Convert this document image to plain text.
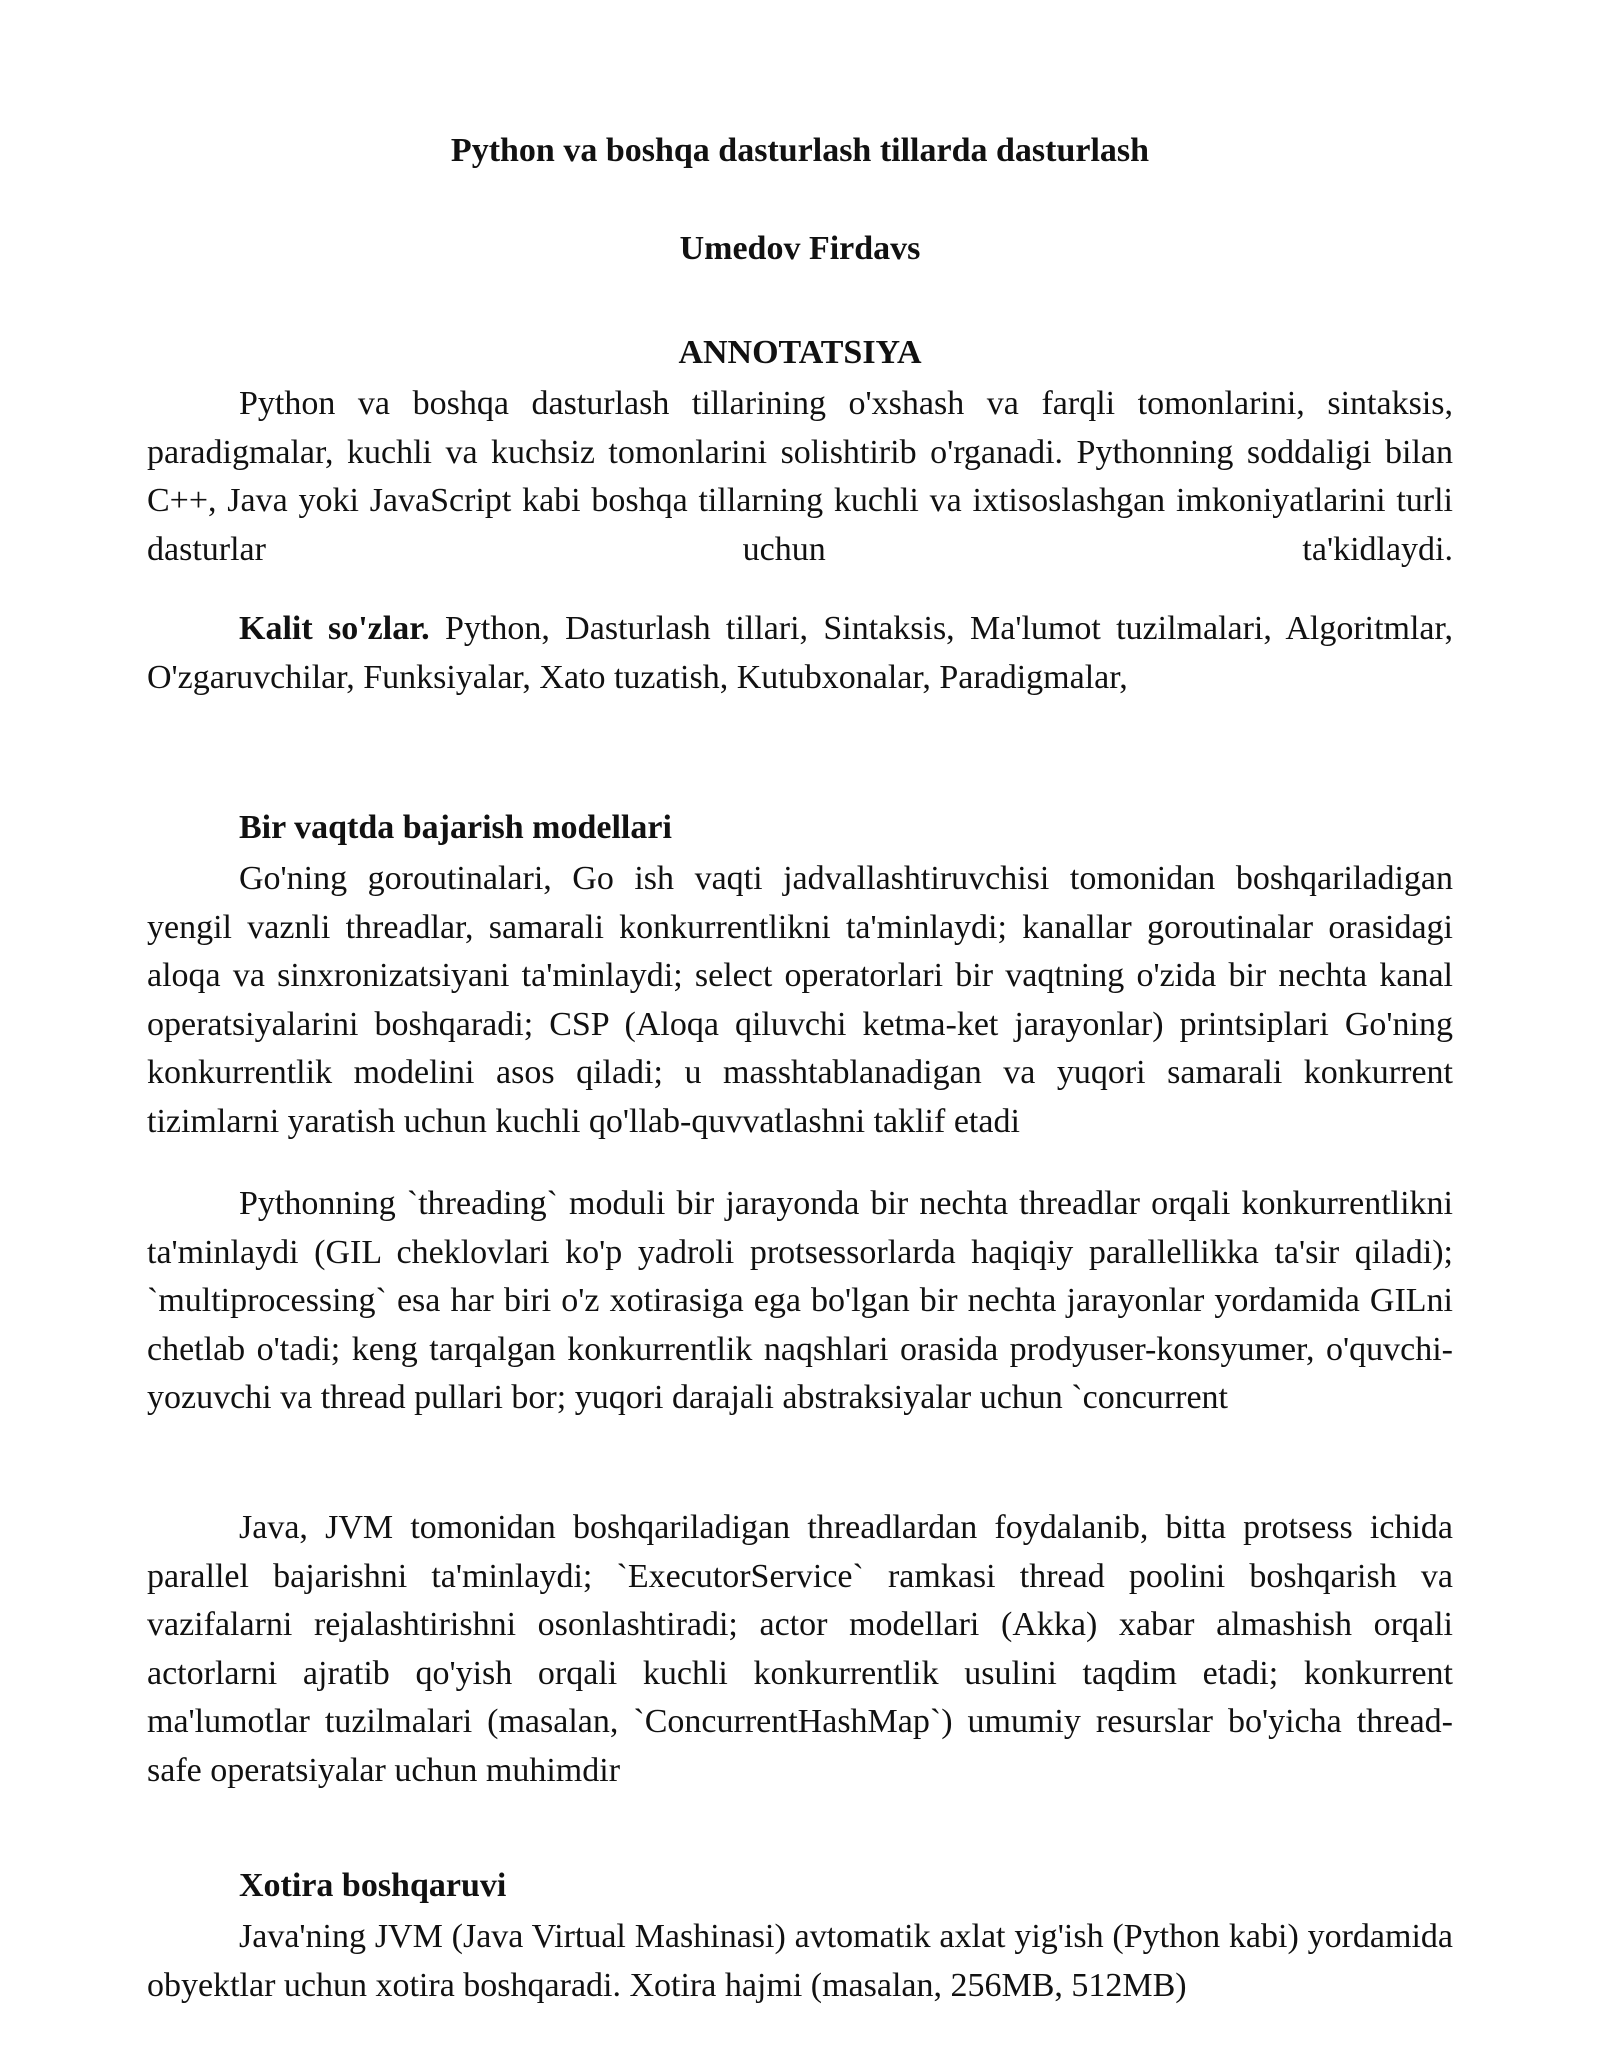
Python va boshqa dasturlash tillarda dasturlash
Umedov Firdavs
ANNOTATSIYA

Python va boshqa dasturlash tillarining o'xshash va farqli tomonlarini, sintaksis, paradigmalar, kuchli va kuchsiz tomonlarini solishtirib o'rganadi. Pythonning soddaligi bilan C++, Java yoki JavaScript kabi boshqa tillarning kuchli va ixtisoslashgan imkoniyatlarini turli dasturlar uchun ta'kidlaydi.

Kalit so'zlar. Python, Dasturlash tillari, Sintaksis, Ma'lumot tuzilmalari, Algoritmlar, O'zgaruvchilar, Funksiyalar, Xato tuzatish, Kutubxonalar, Paradigmalar,

Bir vaqtda bajarish modellari

Go'ning goroutinalari, Go ish vaqti jadvallashtiruvchisi tomonidan boshqariladigan yengil vaznli threadlar, samarali konkurrentlikni ta'minlaydi; kanallar goroutinalar orasidagi aloqa va sinxronizatsiyani ta'minlaydi; select operatorlari bir vaqtning o'zida bir nechta kanal operatsiyalarini boshqaradi; CSP (Aloqa qiluvchi ketma-ket jarayonlar) printsiplari Go'ning konkurrentlik modelini asos qiladi; u masshtablanadigan va yuqori samarali konkurrent tizimlarni yaratish uchun kuchli qo'llab-quvvatlashni taklif etadi

Pythonning `threading` moduli bir jarayonda bir nechta threadlar orqali konkurrentlikni ta'minlaydi (GIL cheklovlari ko'p yadroli protsessorlarda haqiqiy parallellikka ta'sir qiladi); `multiprocessing` esa har biri o'z xotirasiga ega bo'lgan bir nechta jarayonlar yordamida GILni chetlab o'tadi; keng tarqalgan konkurrentlik naqshlari orasida prodyuser-konsyumer, o'quvchi-yozuvchi va thread pullari bor; yuqori darajali abstraksiyalar uchun `concurrent

Java, JVM tomonidan boshqariladigan threadlardan foydalanib, bitta protsess ichida parallel bajarishni ta'minlaydi; `ExecutorService` ramkasi thread poolini boshqarish va vazifalarni rejalashtirishni osonlashtiradi; actor modellari (Akka) xabar almashish orqali actorlarni ajratib qo'yish orqali kuchli konkurrentlik usulini taqdim etadi; konkurrent ma'lumotlar tuzilmalari (masalan, `ConcurrentHashMap`) umumiy resurslar bo'yicha thread-safe operatsiyalar uchun muhimdir

Xotira boshqaruvi

Java'ning JVM (Java Virtual Mashinasi) avtomatik axlat yig'ish (Python kabi) yordamida obyektlar uchun xotira boshqaradi. Xotira hajmi (masalan, 256MB, 512MB)
